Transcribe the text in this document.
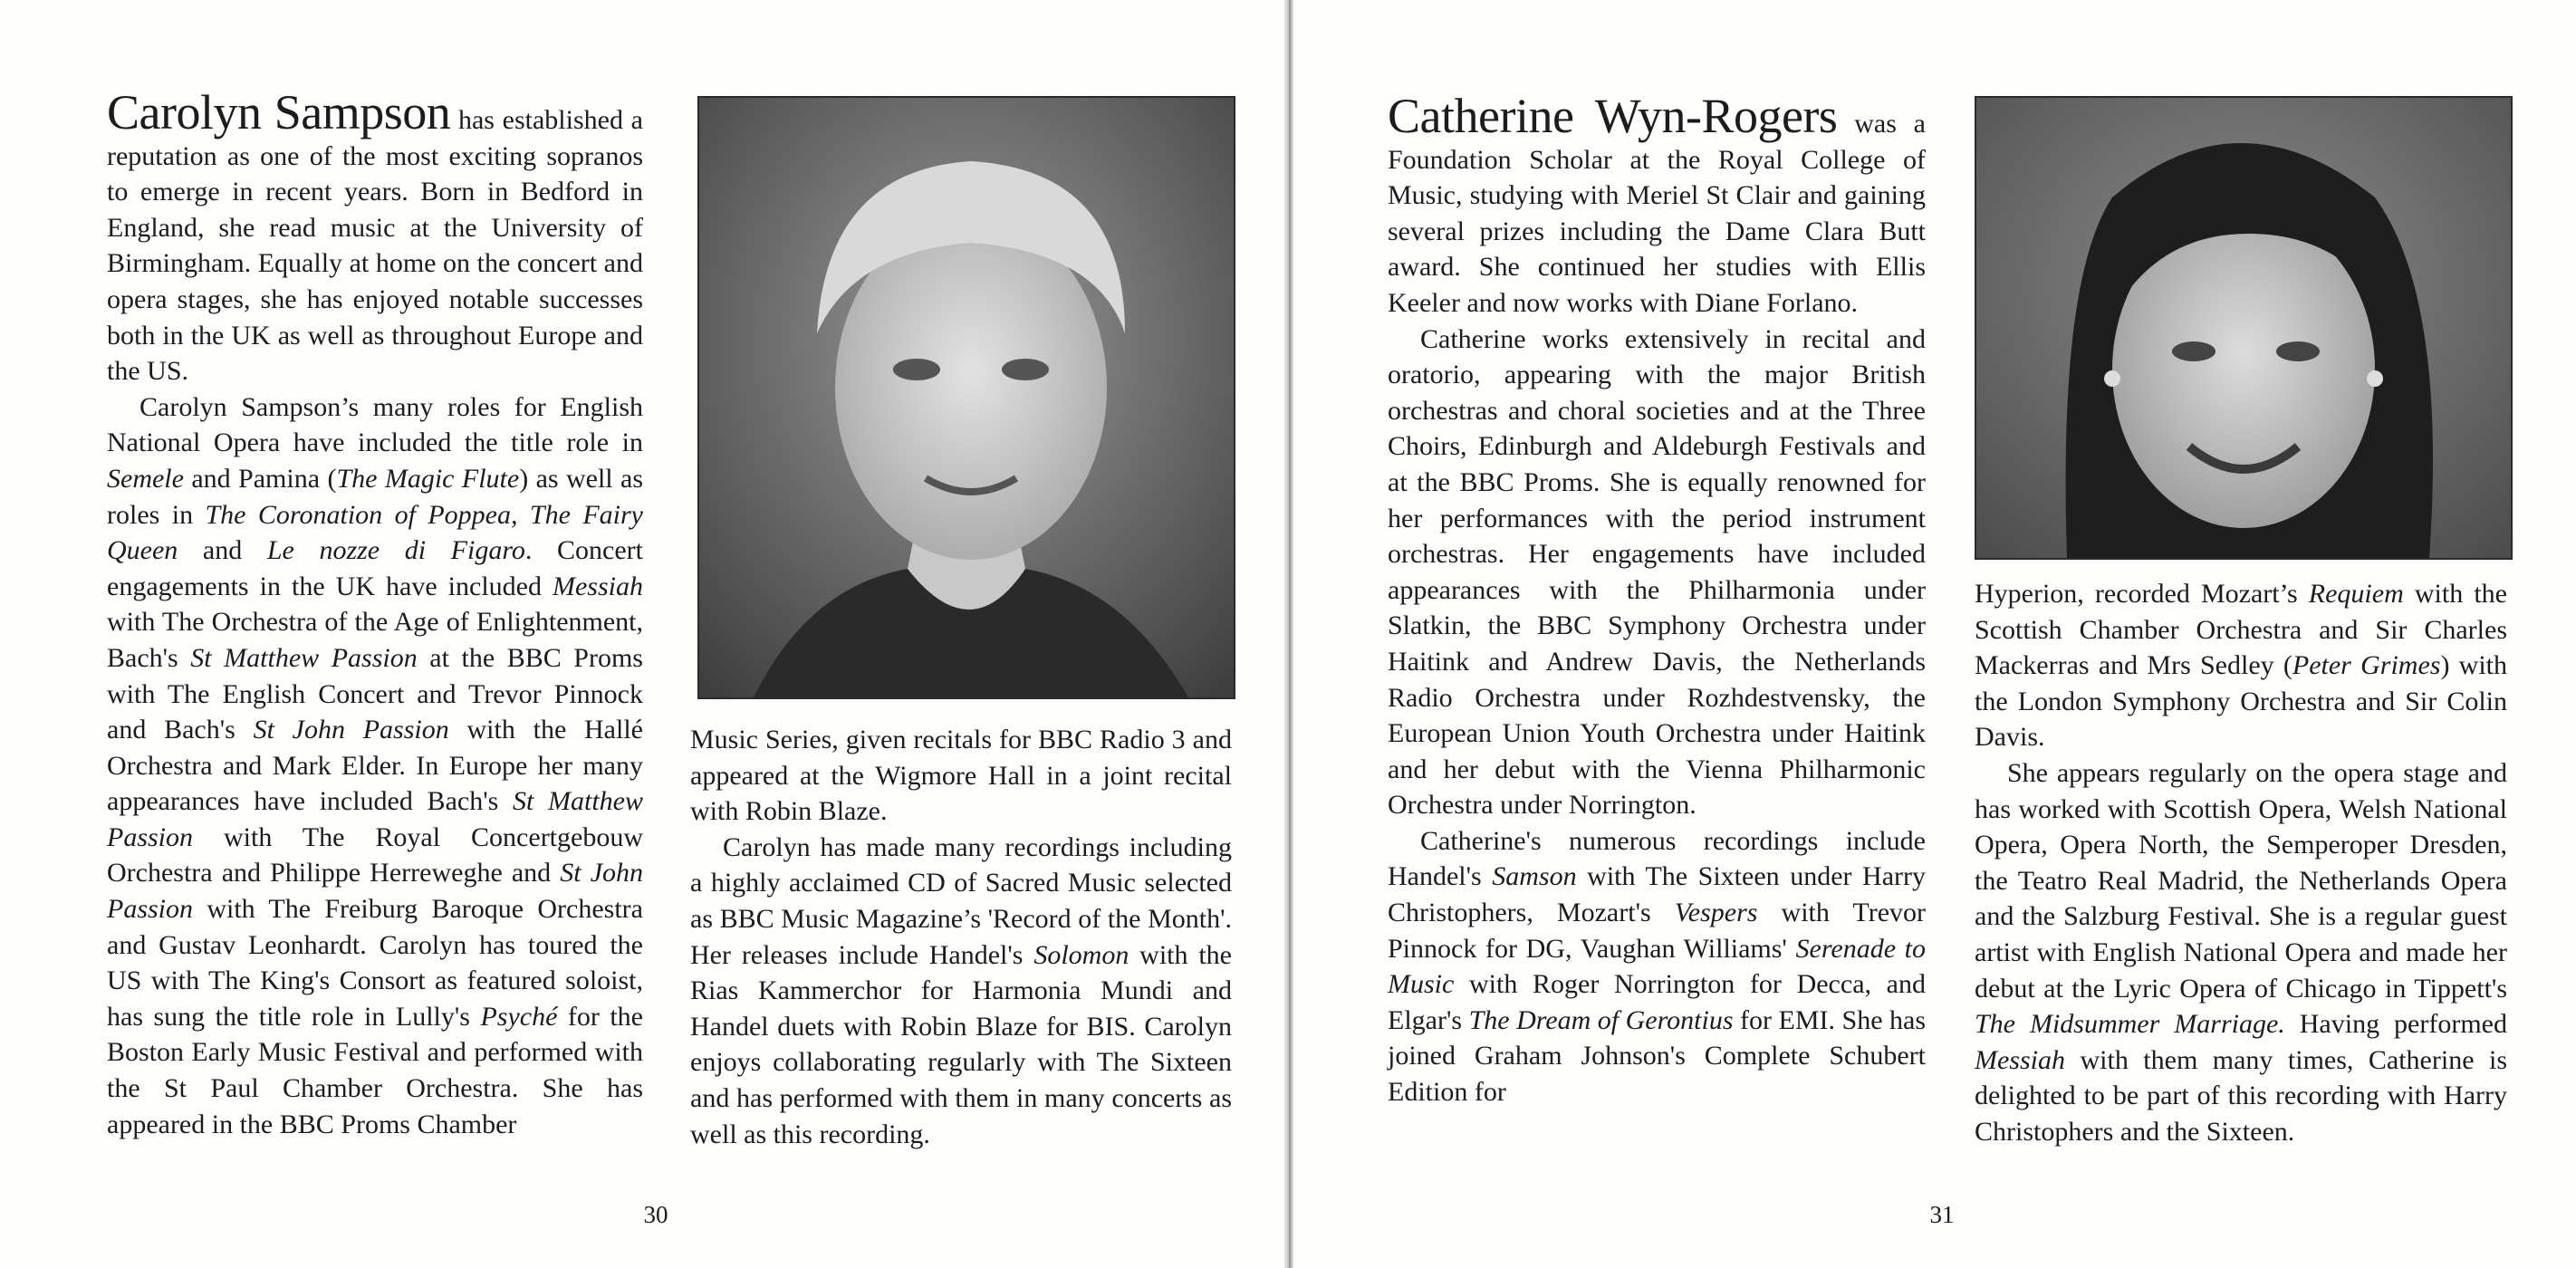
Carolyn Sampson has established a reputation as one of the most exciting sopranos to emerge in recent years. Born in Bedford in England, she read music at the University of Birmingham. Equally at home on the concert and opera stages, she has enjoyed notable successes both in the UK as well as throughout Europe and the US.

Carolyn Sampson’s many roles for English National Opera have included the title role in Semele and Pamina (The Magic Flute) as well as roles in The Coronation of Poppea, The Fairy Queen and Le nozze di Figaro. Concert engagements in the UK have included Messiah with The Orchestra of the Age of Enlightenment, Bach's St Matthew Passion at the BBC Proms with The English Concert and Trevor Pinnock and Bach's St John Passion with the Hallé Orchestra and Mark Elder. In Europe her many appearances have included Bach's St Matthew Passion with The Royal Concertgebouw Orchestra and Philippe Herreweghe and St John Passion with The Freiburg Baroque Orchestra and Gustav Leonhardt. Carolyn has toured the US with The King's Consort as featured soloist, has sung the title role in Lully's Psyché for the Boston Early Music Festival and performed with the St Paul Chamber Orchestra. She has appeared in the BBC Proms Chamber

Music Series, given recitals for BBC Radio 3 and appeared at the Wigmore Hall in a joint recital with Robin Blaze.

Carolyn has made many recordings including a highly acclaimed CD of Sacred Music selected as BBC Music Magazine’s 'Record of the Month'. Her releases include Handel's Solomon with the Rias Kammerchor for Harmonia Mundi and Handel duets with Robin Blaze for BIS. Carolyn enjoys collaborating regularly with The Sixteen and has performed with them in many concerts as well as this recording.

30

Catherine Wyn-Rogers was a Foundation Scholar at the Royal College of Music, studying with Meriel St Clair and gaining several prizes including the Dame Clara Butt award. She continued her studies with Ellis Keeler and now works with Diane Forlano.

Catherine works extensively in recital and oratorio, appearing with the major British orchestras and choral societies and at the Three Choirs, Edinburgh and Aldeburgh Festivals and at the BBC Proms. She is equally renowned for her performances with the period instrument orchestras. Her engagements have included appearances with the Philharmonia under Slatkin, the BBC Symphony Orchestra under Haitink and Andrew Davis, the Netherlands Radio Orchestra under Rozhdestvensky, the European Union Youth Orchestra under Haitink and her debut with the Vienna Philharmonic Orchestra under Norrington.

Catherine's numerous recordings include Handel's Samson with The Sixteen under Harry Christophers, Mozart's Vespers with Trevor Pinnock for DG, Vaughan Williams' Serenade to Music with Roger Norrington for Decca, and Elgar's The Dream of Gerontius for EMI. She has joined Graham Johnson's Complete Schubert Edition for

Hyperion, recorded Mozart’s Requiem with the Scottish Chamber Orchestra and Sir Charles Mackerras and Mrs Sedley (Peter Grimes) with the London Symphony Orchestra and Sir Colin Davis.

She appears regularly on the opera stage and has worked with Scottish Opera, Welsh National Opera, Opera North, the Semperoper Dresden, the Teatro Real Madrid, the Netherlands Opera and the Salzburg Festival. She is a regular guest artist with English National Opera and made her debut at the Lyric Opera of Chicago in Tippett's The Midsummer Marriage. Having performed Messiah with them many times, Catherine is delighted to be part of this recording with Harry Christophers and the Sixteen.

31
